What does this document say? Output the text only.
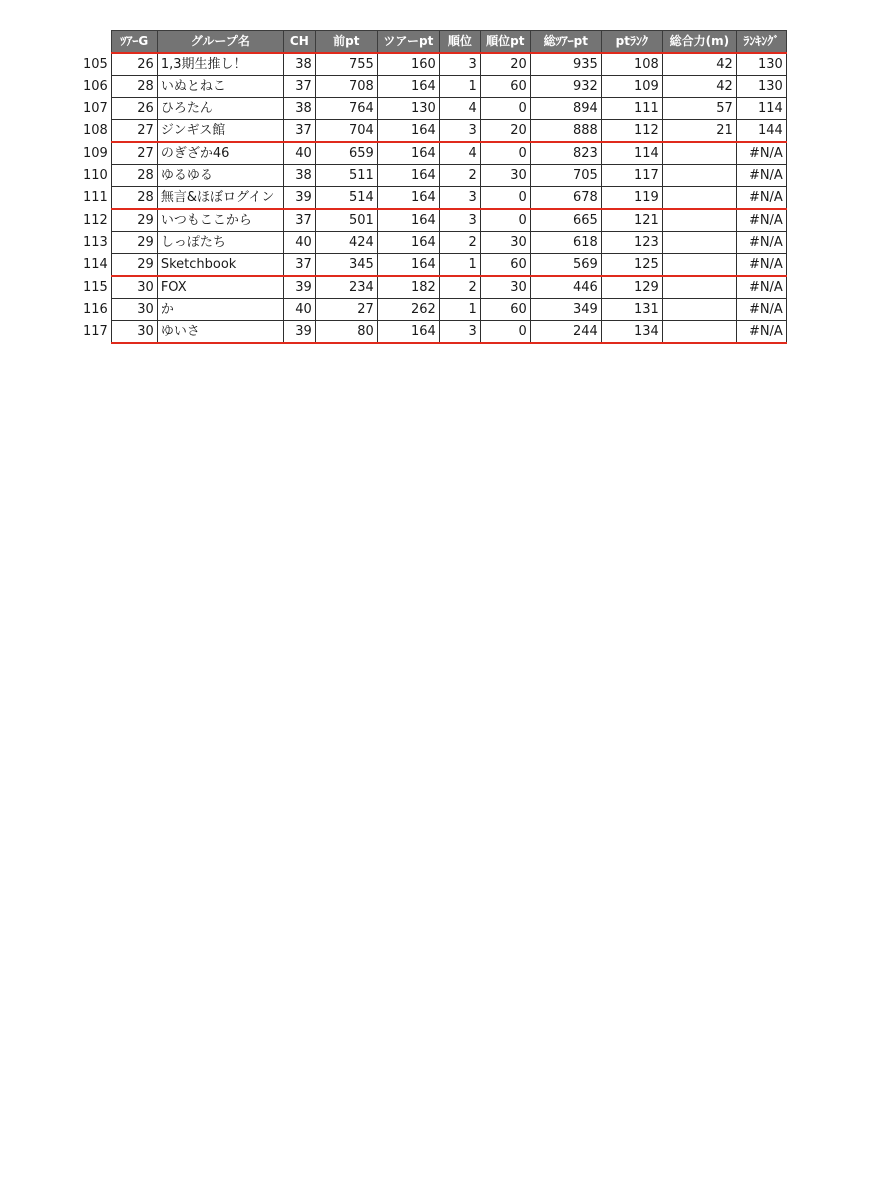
	ﾂｱｰG	グループ名	CH	前pt	ツアーpt	順位	順位pt	総ﾂｱｰpt	ptﾗﾝｸ	総合力(m)	ﾗﾝｷﾝｸﾞ
105	26	1,3期生推し！	38	755	160	3	20	935	108	42	130
106	28	いぬとねこ	37	708	164	1	60	932	109	42	130
107	26	ひろたん	38	764	130	4	0	894	111	57	114
108	27	ジンギス館	37	704	164	3	20	888	112	21	144
109	27	のぎざか46	40	659	164	4	0	823	114		#N/A
110	28	ゆるゆる	38	511	164	2	30	705	117		#N/A
111	28	無言&ほぼログイン	39	514	164	3	0	678	119		#N/A
112	29	いつもここから	37	501	164	3	0	665	121		#N/A
113	29	しっぽたち	40	424	164	2	30	618	123		#N/A
114	29	Sketchbook	37	345	164	1	60	569	125		#N/A
115	30	FOX	39	234	182	2	30	446	129		#N/A
116	30	か	40	27	262	1	60	349	131		#N/A
117	30	ゆいさ	39	80	164	3	0	244	134		#N/A
